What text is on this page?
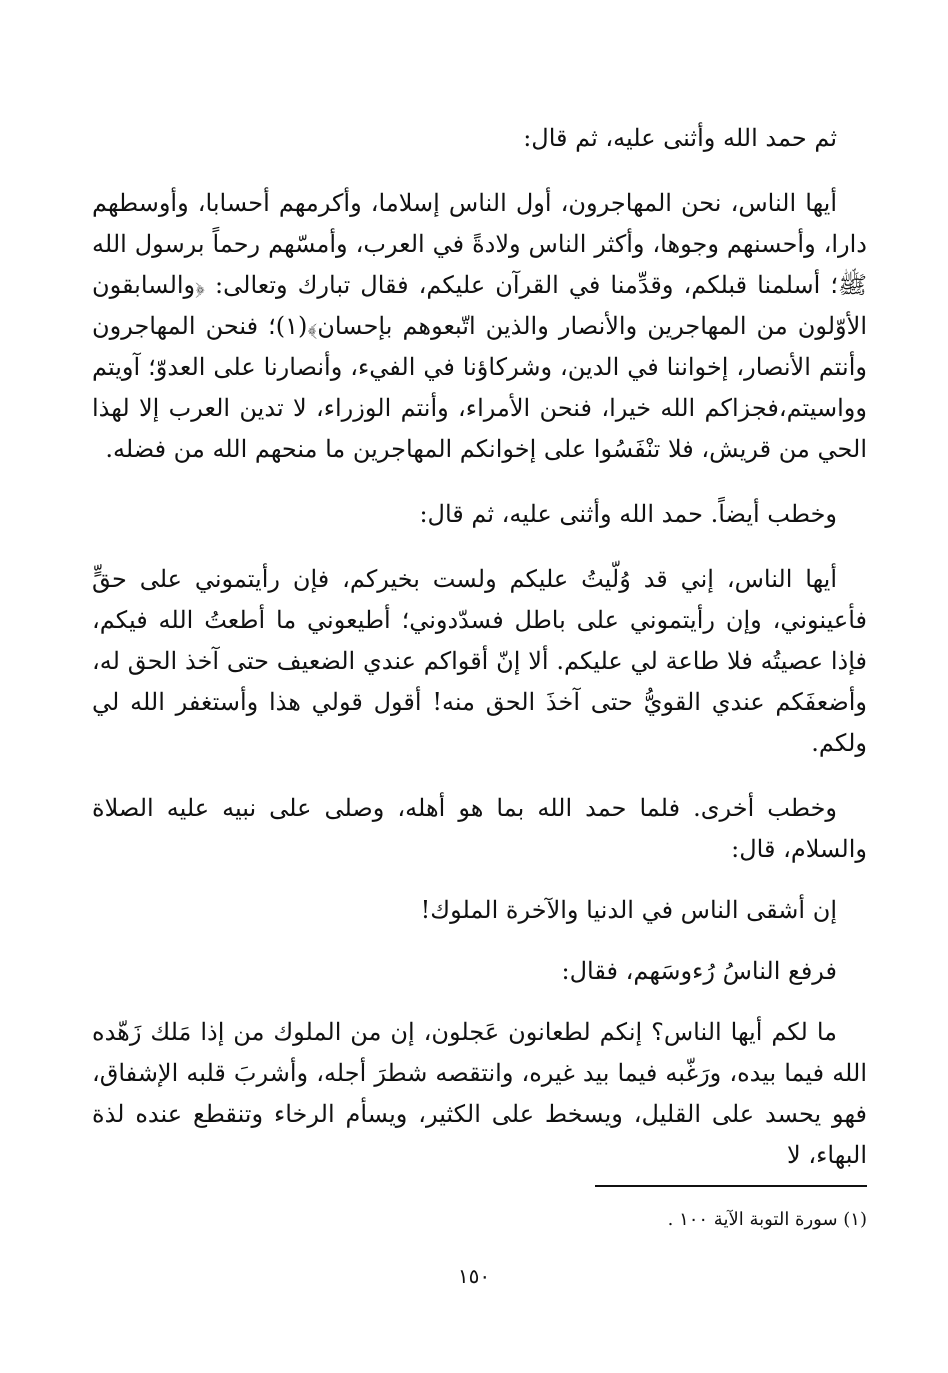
ثم حمد الله وأثنى عليه، ثم قال:

أيها الناس، نحن المهاجرون، أول الناس إسلاما، وأكرمهم أحسابا، وأوسطهم دارا، وأحسنهم وجوها، وأكثر الناس ولادةً في العرب، وأمسّهم رحماً برسول الله ﷺ؛ أسلمنا قبلكم، وقدِّمنا في القرآن عليكم، فقال تبارك وتعالى: ﴿والسابقون الأوّلون من المهاجرين والأنصار والذين اتّبعوهم بإحسان﴾(١)؛ فنحن المهاجرون وأنتم الأنصار، إخواننا في الدين، وشركاؤنا في الفيء، وأنصارنا على العدوّ؛ آويتم وواسيتم،فجزاكم الله خيرا، فنحن الأمراء، وأنتم الوزراء، لا تدين العرب إلا لهذا الحي من قريش، فلا تنْفَسُوا على إخوانكم المهاجرين ما منحهم الله من فضله.

وخطب أيضاً. حمد الله وأثنى عليه، ثم قال:

أيها الناس، إني قد وُلّيتُ عليكم ولست بخيركم، فإن رأيتموني على حقٍّ فأعينوني، وإن رأيتموني على باطل فسدّدوني؛ أطيعوني ما أطعتُ الله فيكم، فإذا عصيتُه فلا طاعة لي عليكم. ألا إنّ أقواكم عندي الضعيف حتى آخذ الحق له، وأضعفَكم عندي القويُّ حتى آخذَ الحق منه! أقول قولي هذا وأستغفر الله لي ولكم.

وخطب أخرى. فلما حمد الله بما هو أهله، وصلى على نبيه عليه الصلاة والسلام، قال:

إن أشقى الناس في الدنيا والآخرة الملوك!

فرفع الناسُ رُءوسَهم، فقال:

ما لكم أيها الناس؟ إنكم لطعانون عَجلون، إن من الملوك من إذا مَلك زَهّده الله فيما بيده، ورَغّبه فيما بيد غيره، وانتقصه شطرَ أجله، وأشربَ قلبه الإشفاق، فهو يحسد على القليل، ويسخط على الكثير، ويسأم الرخاء وتنقطع عنده لذة البهاء، لا

(١) سورة التوبة الآية ١٠٠ .
١٥٠
